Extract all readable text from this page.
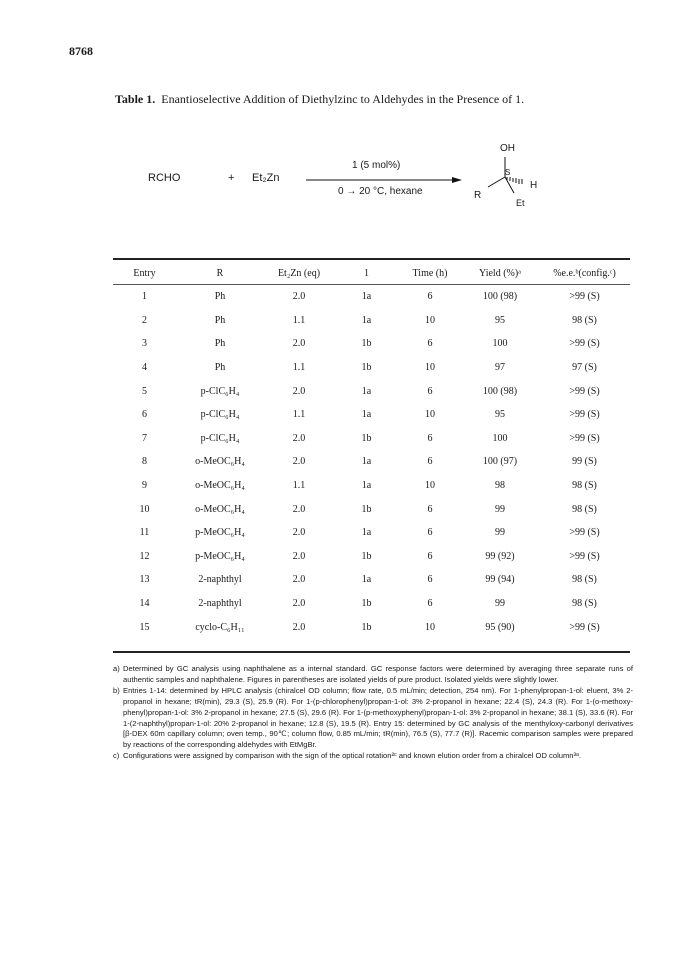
8768
Table 1. Enantioselective Addition of Diethylzinc to Aldehydes in the Presence of 1.
RCHO	+ Et₂Zn
1 (5 mol%)
0 → 20 °C, hexane
OH
S
H
R
Et
Entry	R	Et₂Zn (eq)	1	Time (h)	Yield (%)ᵃ	%e.e.ᵇ(config.ᶜ)
1	Ph	2.0	1a	6	100 (98)	>99 (S)
2	Ph	1.1	1a	10	95	98 (S)
3	Ph	2.0	1b	6	100	>99 (S)
4	Ph	1.1	1b	10	97	97 (S)
5	p-ClC₆H₄	2.0	1a	6	100 (98)	>99 (S)
6	p-ClC₆H₄	1.1	1a	10	95	>99 (S)
7	p-ClC₆H₄	2.0	1b	6	100	>99 (S)
8	o-MeOC₆H₄	2.0	1a	6	100 (97)	99 (S)
9	o-MeOC₆H₄	1.1	1a	10	98	98 (S)
10	o-MeOC₆H₄	2.0	1b	6	99	98 (S)
11	p-MeOC₆H₄	2.0	1a	6	99	>99 (S)
12	p-MeOC₆H₄	2.0	1b	6	99 (92)	>99 (S)
13	2-naphthyl	2.0	1a	6	99 (94)	98 (S)
14	2-naphthyl	2.0	1b	6	99	98 (S)
15	cyclo-C₆H₁₁	2.0	1b	10	95 (90)	>99 (S)
a) Determined by GC analysis using naphthalene as a internal standard. GC response factors were determined by averaging three separate runs of authentic samples and naphthalene. Figures in parentheses are isolated yields of pure product. Isolated yields were slightly lower.
b) Entries 1-14: determined by HPLC analysis (chiralcel OD column; flow rate, 0.5 mL/min; detection, 254 nm). For 1-phenylpropan-1-ol: eluent, 3% 2-propanol in hexane; tR(min), 29.3 (S), 25.9 (R). For 1-(p-chlorophenyl)propan-1-ol: 3% 2-propanol in hexane; 22.4 (S), 24.3 (R). For 1-(o-methoxy-phenyl)propan-1-ol: 3% 2-propanol in hexane; 27.5 (S), 29.6 (R). For 1-(p-methoxyphenyl)propan-1-ol: 3% 2-propanol in hexane; 38.1 (S), 33.6 (R). For 1-(2-naphthyl)propan-1-ol: 20% 2-propanol in hexane; 12.8 (S), 19.5 (R). Entry 15: determined by GC analysis of the menthyloxy-carbonyl derivatives [β-DEX 60m capillary column; oven temp., 90℃; column flow, 0.85 mL/min; tR(min), 76.5 (S), 77.7 (R)]. Racemic comparison samples were prepared by reactions of the corresponding aldehydes with EtMgBr.
c) Configurations were assigned by comparison with the sign of the optical rotation²ᶜ and known elution order from a chiralcel OD column³ᵃ.
